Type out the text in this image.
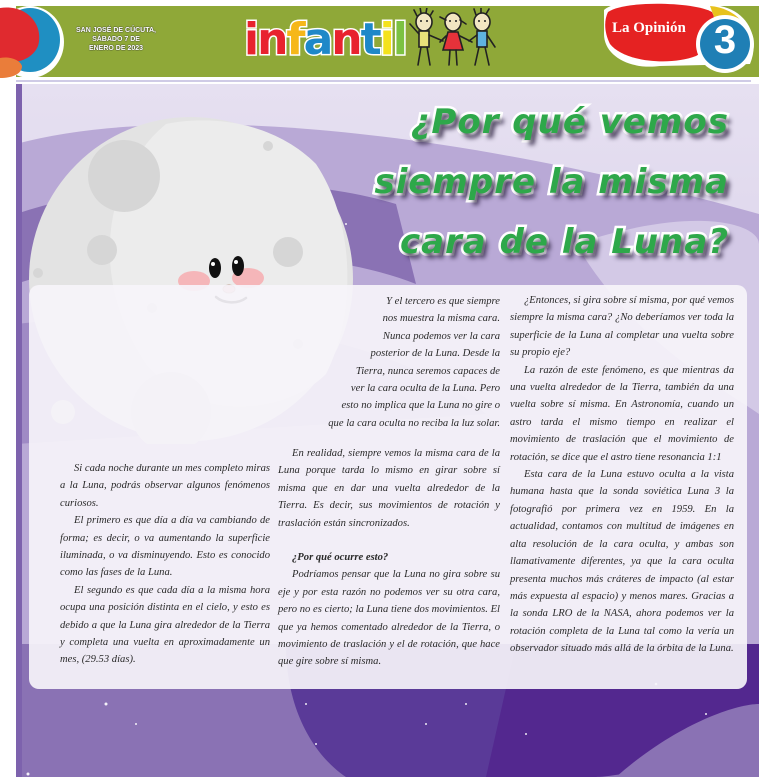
SAN JOSÉ DE CÚCUTA,
SÁBADO 7 DE
ENERO DE 2023	infantil	La Opinión 3
¿Por qué vemos
siempre la misma
cara de la Luna?

Si cada noche durante un mes completo miras a la Luna, podrás observar algunos fenómenos curiosos.

El primero es que día a día va cambiando de forma; es decir, o va aumentando la superficie iluminada, o va disminuyendo. Esto es conocido como las fases de la Luna.

El segundo es que cada día a la misma hora ocupa una posición distinta en el cielo, y esto es debido a que la Luna gira alrededor de la Tierra y completa una vuelta en aproximadamente un mes, (29.53 días).

Y el tercero es que siempre
nos muestra la misma cara.
Nunca podemos ver la cara
posterior de la Luna. Desde la
Tierra, nunca seremos capaces de
ver la cara oculta de la Luna. Pero
esto no implica que la Luna no gire o
que la cara oculta no reciba la luz solar.

En realidad, siempre vemos la misma cara de la Luna porque tarda lo mismo en girar sobre sí misma que en dar una vuelta alrededor de la Tierra. Es decir, sus movimientos de rotación y traslación están sincronizados.

¿Por qué ocurre esto?

Podríamos pensar que la Luna no gira sobre su eje y por esta razón no podemos ver su otra cara, pero no es cierto; la Luna tiene dos movimientos. El que ya hemos comentado alrededor de la Tierra, o movimiento de traslación y el de rotación, que hace que gire sobre sí misma.

¿Entonces, si gira sobre sí misma, por qué vemos siempre la misma cara? ¿No deberíamos ver toda la superficie de la Luna al completar una vuelta sobre su propio eje?

La razón de este fenómeno, es que mientras da una vuelta alrededor de la Tierra, también da una vuelta sobre sí misma. En Astronomía, cuando un astro tarda el mismo tiempo en realizar el movimiento de traslación que el movimiento de rotación, se dice que el astro tiene resonancia 1:1

Esta cara de la Luna estuvo oculta a la vista humana hasta que la sonda soviética Luna 3 la fotografió por primera vez en 1959. En la actualidad, contamos con multitud de imágenes en alta resolución de la cara oculta, y ambas son llamativamente diferentes, ya que la cara oculta presenta muchos más cráteres de impacto (al estar más expuesta al espacio) y menos mares. Gracias a la sonda LRO de la NASA, ahora podemos ver la rotación completa de la Luna tal como la vería un observador situado más allá de la órbita de la Luna.
